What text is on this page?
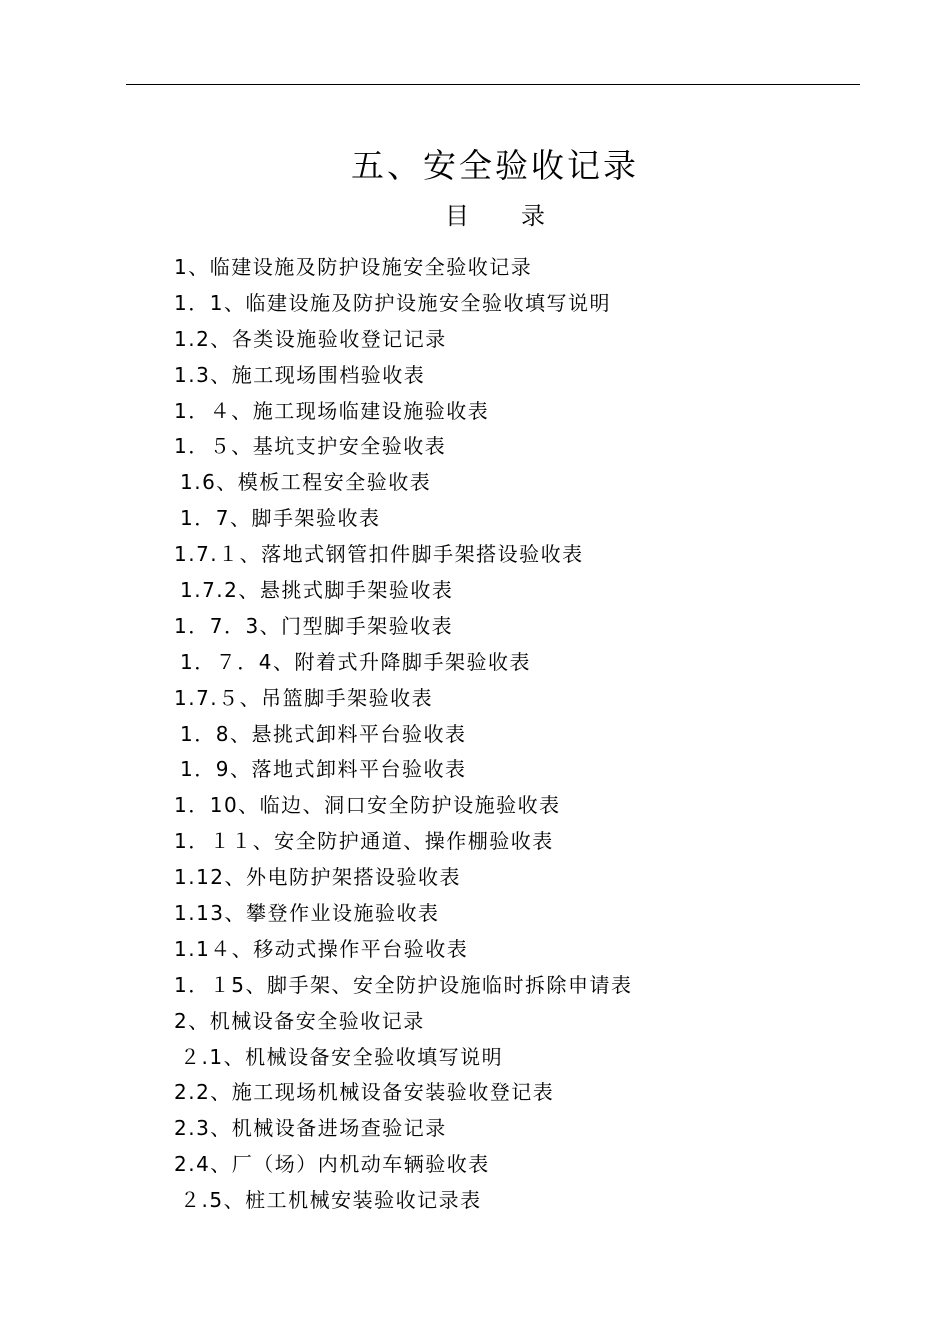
五、安全验收记录
目录
1、临建设施及防护设施安全验收记录
1．1、临建设施及防护设施安全验收填写说明
1.2、各类设施验收登记记录
1.3、施工现场围档验收表
1．４、施工现场临建设施验收表
1．５、基坑支护安全验收表
1.6、模板工程安全验收表
1．7、脚手架验收表
1.7.１、落地式钢管扣件脚手架搭设验收表
1.7.2、悬挑式脚手架验收表
1．7．3、门型脚手架验收表
1．７．4、附着式升降脚手架验收表
1.7.５、吊篮脚手架验收表
1．8、悬挑式卸料平台验收表
1．9、落地式卸料平台验收表
1．10、临边、洞口安全防护设施验收表
1．１１、安全防护通道、操作棚验收表
1.12、外电防护架搭设验收表
1.13、攀登作业设施验收表
1.1４、移动式操作平台验收表
1．１5、脚手架、安全防护设施临时拆除申请表
2、机械设备安全验收记录
２.1、机械设备安全验收填写说明
2.2、施工现场机械设备安装验收登记表
2.3、机械设备进场查验记录
2.4、厂（场）内机动车辆验收表
２.5、桩工机械安装验收记录表
